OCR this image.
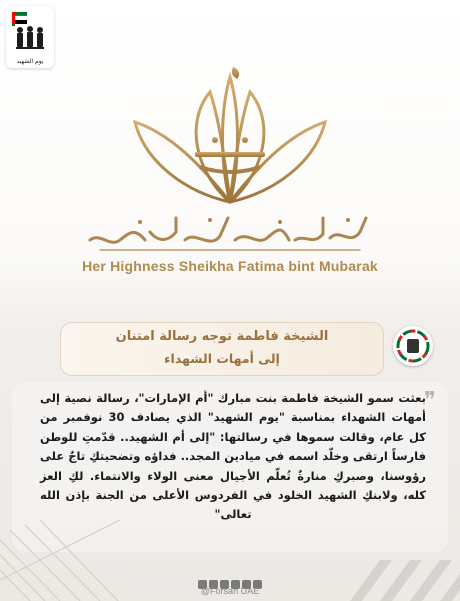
يوم الشهيد
Her Highness Sheikha Fatima bint Mubarak
الشيخة فاطمة توجه رسالة امتنان
إلى أمهات الشهداء
❞
بعثت سمو الشيخة فاطمة بنت مبارك "أم الإمارات"، رسالة نصية إلى أمهات الشهداء بمناسبة "يوم الشهيد" الذي يصادف 30 نوفمبر من كل عام، وقالت سموها في رسالتها: "إلى أم الشهيد.. قدّمتِ للوطن فارساً ارتقى وخلّد اسمه في ميادين المجد.. فداؤه وتضحيتكِ تاجٌ على رؤوسنا، وصبركِ منارةٌ تُعلّم الأجيال معنى الولاء والانتماء. لكِ العز كله، ولابنكِ الشهيد الخلود في الفردوس الأعلى من الجنة بإذن الله تعالى"
@Forsan UAE
